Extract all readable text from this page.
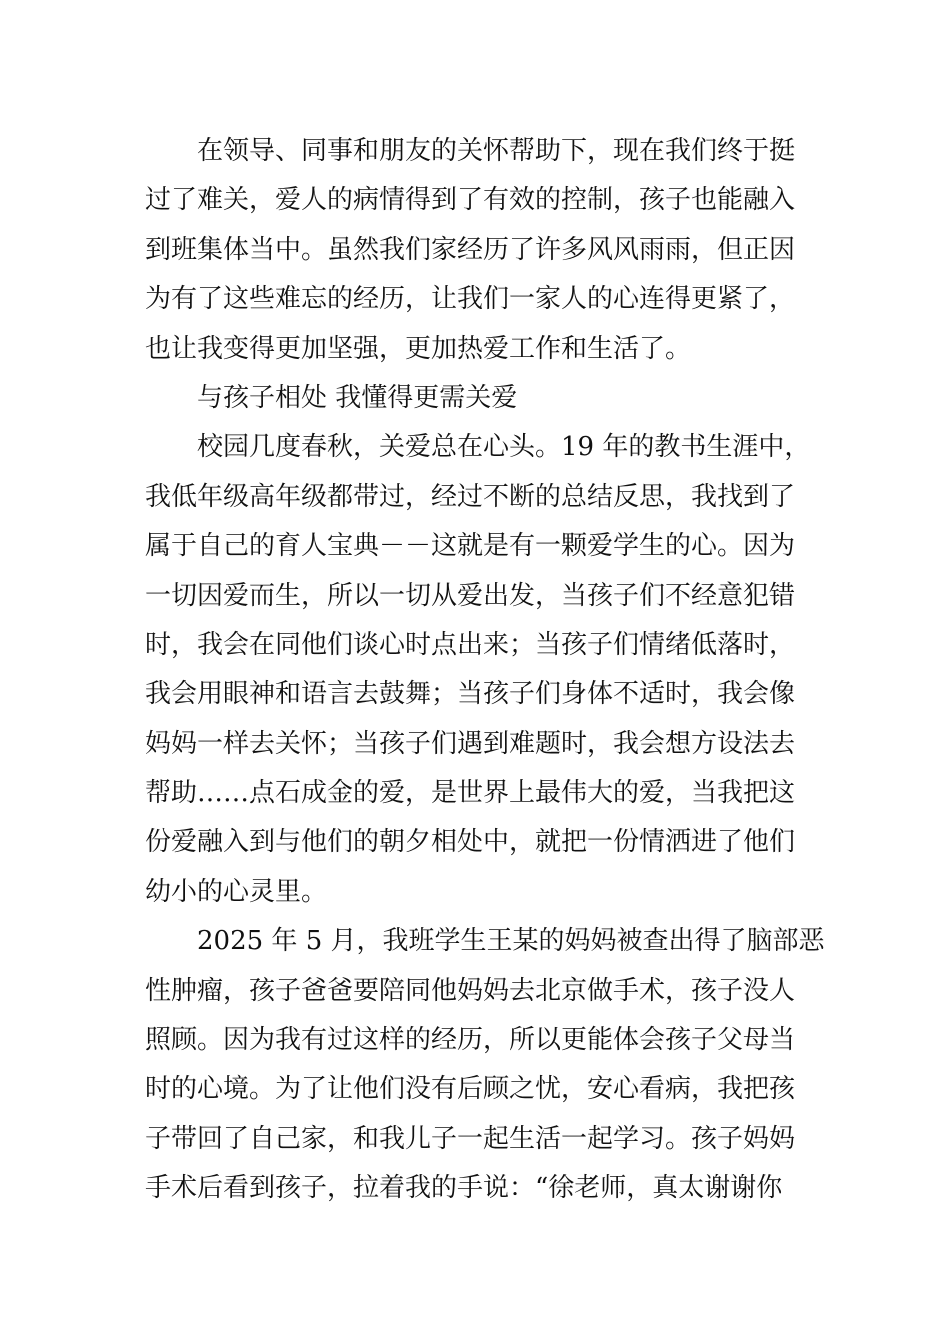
在领导、同事和朋友的关怀帮助下，现在我们终于挺
过了难关，爱人的病情得到了有效的控制，孩子也能融入
到班集体当中。虽然我们家经历了许多风风雨雨，但正因
为有了这些难忘的经历，让我们一家人的心连得更紧了，
也让我变得更加坚强，更加热爱工作和生活了。
与孩子相处 我懂得更需关爱
校园几度春秋，关爱总在心头。19 年的教书生涯中，
我低年级高年级都带过，经过不断的总结反思，我找到了
属于自己的育人宝典－－这就是有一颗爱学生的心。因为
一切因爱而生，所以一切从爱出发，当孩子们不经意犯错
时，我会在同他们谈心时点出来；当孩子们情绪低落时，
我会用眼神和语言去鼓舞；当孩子们身体不适时，我会像
妈妈一样去关怀；当孩子们遇到难题时，我会想方设法去
帮助……点石成金的爱，是世界上最伟大的爱，当我把这
份爱融入到与他们的朝夕相处中，就把一份情洒进了他们
幼小的心灵里。
2025 年 5 月，我班学生王某的妈妈被查出得了脑部恶
性肿瘤，孩子爸爸要陪同他妈妈去北京做手术，孩子没人
照顾。因为我有过这样的经历，所以更能体会孩子父母当
时的心境。为了让他们没有后顾之忧，安心看病，我把孩
子带回了自己家，和我儿子一起生活一起学习。孩子妈妈
手术后看到孩子，拉着我的手说：“徐老师，真太谢谢你
